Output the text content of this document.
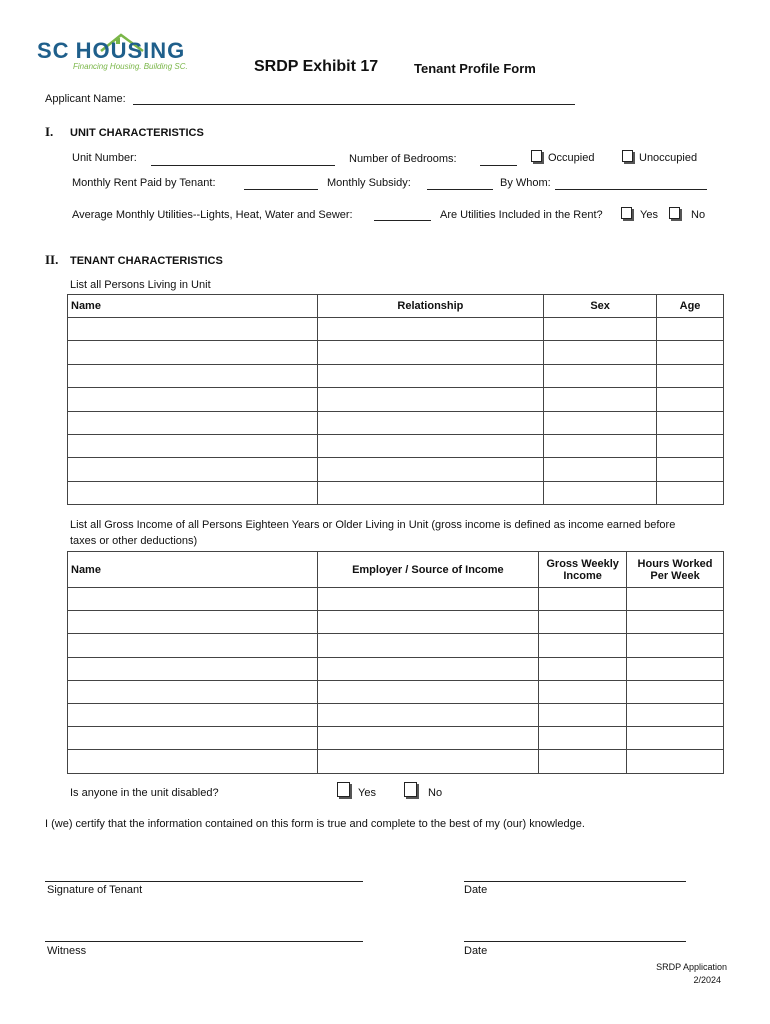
SC HOUSING
Financing Housing. Building SC.	SRDP Exhibit 17	Tenant Profile Form
Applicant Name:
I. UNIT CHARACTERISTICS
Unit Number:	Number of Bedrooms:	Occupied	Unoccupied
Monthly Rent Paid by Tenant:	Monthly Subsidy:	By Whom:
Average Monthly Utilities--Lights, Heat, Water and Sewer:	Are Utilities Included in the Rent?	Yes	No
II. TENANT CHARACTERISTICS
List all Persons Living in Unit
Name	Relationship	Sex	Age

List all Gross Income of all Persons Eighteen Years or Older Living in Unit (gross income is defined as income earned before
taxes or other deductions)
Name	Employer / Source of Income	Gross Weekly Income	Hours Worked Per Week

Is anyone in the unit disabled?	Yes	No
I (we) certify that the information contained on this form is true and complete to the best of my (our) knowledge.
Signature of Tenant	Date
Witness	Date
SRDP Application
2/2024
